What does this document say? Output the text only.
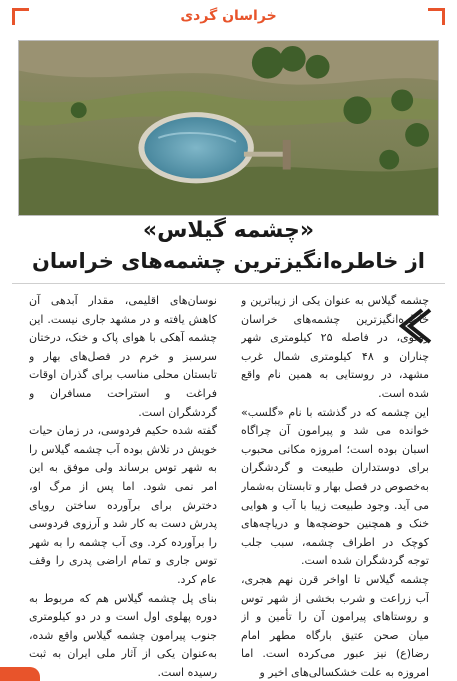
خراسان گردی
«چشمه گیلاس»
از خاطره‌انگیزترین چشمه‌های خراسان

چشمه گیلاس به عنوان یکی از زیباترین و خاطره‌انگیزترین چشمه‌های خراسان رضوی، در فاصله ۲۵ کیلومتری شهر چناران و ۴۸ کیلومتری شمال غرب مشهد، در روستایی به همین نام واقع شده است.

این چشمه که در گذشته با نام «گلسب» خوانده می شد و پیرامون آن چراگاه اسبان بوده است؛ امروزه مکانی محبوب برای دوستداران طبیعت و گردشگران به‌خصوص در فصل بهار و تابستان به‌شمار می آید. وجود طبیعت زیبا با آب و هوایی خنک و همچنین حوضچه‌ها و دریاچه‌های کوچک در اطراف چشمه، سبب جلب توجه گردشگران شده است.

چشمه گیلاس تا اواخر قرن نهم هجری، آب زراعت و شرب بخشی از شهر توس و روستاهای پیرامون آن را تأمین و از میان صحن عتیق بارگاه مطهر امام رضا(ع) نیز عبور می‌کرده است. اما امروزه به علت خشکسالی‌های اخیر و

نوسان‌های اقلیمی، مقدار آبدهی آن کاهش یافته و در مشهد جاری نیست. این چشمه آهکی با هوای پاک و خنک، درختان سرسبز و خرم در فصل‌های بهار و تابستان محلی مناسب برای گذران اوقات فراغت و استراحت مسافران و گردشگران است.

گفته شده حکیم فردوسی، در زمان حیات خویش در تلاش بوده آب چشمه گیلاس را به شهر توس برساند ولی موفق به این امر نمی شود. اما پس از مرگ او، دخترش برای برآورده ساختن رویای پدرش دست به کار شد و آرزوی فردوسی را برآورده کرد. وی آب چشمه را به شهر توس جاری و تمام اراضی پدری را وقف عام کرد.

بنای پل چشمه گیلاس هم که مربوط به دوره پهلوی اول است و در دو کیلومتری جنوب پیرامون چشمه گیلاس واقع شده، به‌عنوان یکی از آثار ملی ایران به ثبت رسیده است.
